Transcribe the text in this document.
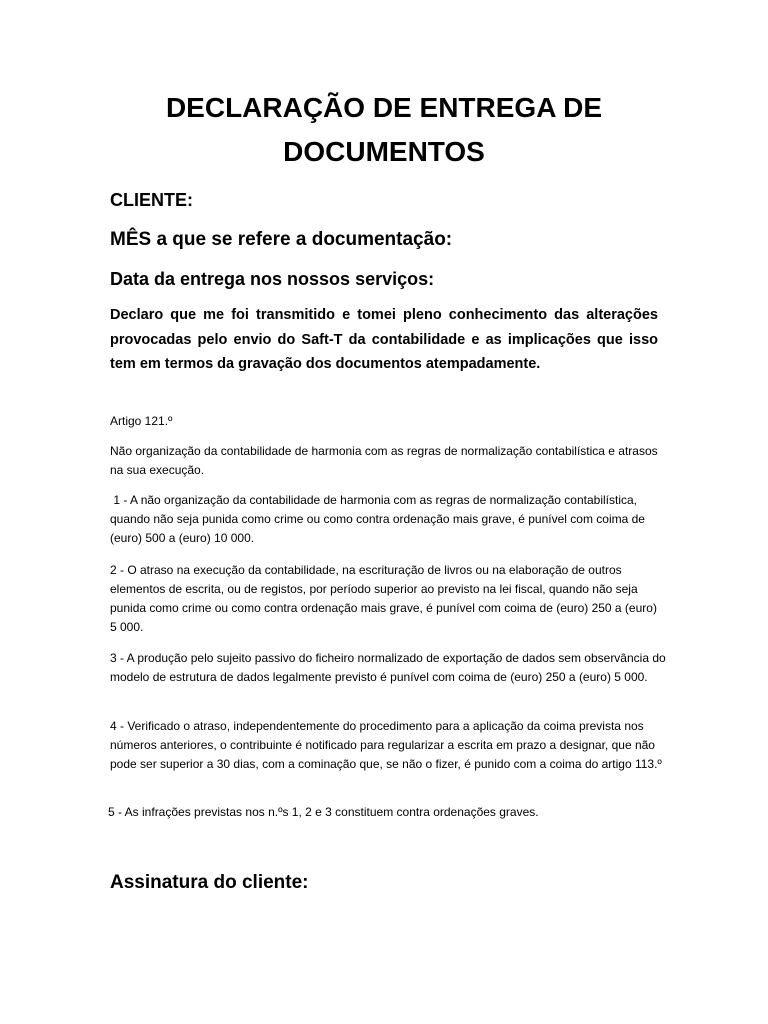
DECLARAÇÃO DE ENTREGA DE
DOCUMENTOS

CLIENTE:

MÊS a que se refere a documentação:

Data da entrega nos nossos serviços:

Declaro que me foi transmitido e tomei pleno conhecimento das alterações provocadas pelo envio do Saft-T da contabilidade e as implicações que isso tem em termos da gravação dos documentos atempadamente.

Artigo 121.º

Não organização da contabilidade de harmonia com as regras de normalização contabilística e atrasos na sua execução.

1 - A não organização da contabilidade de harmonia com as regras de normalização contabilística, quando não seja punida como crime ou como contra ordenação mais grave, é punível com coima de (euro) 500 a (euro) 10 000.

2 - O atraso na execução da contabilidade, na escrituração de livros ou na elaboração de outros elementos de escrita, ou de registos, por período superior ao previsto na lei fiscal, quando não seja punida como crime ou como contra ordenação mais grave, é punível com coima de (euro) 250 a (euro) 5 000.

3 - A produção pelo sujeito passivo do ficheiro normalizado de exportação de dados sem observância do modelo de estrutura de dados legalmente previsto é punível com coima de (euro) 250 a (euro) 5 000.

4 - Verificado o atraso, independentemente do procedimento para a aplicação da coima prevista nos números anteriores, o contribuinte é notificado para regularizar a escrita em prazo a designar, que não pode ser superior a 30 dias, com a cominação que, se não o fizer, é punido com a coima do artigo 113.º

5 - As infrações previstas nos n.ºs 1, 2 e 3 constituem contra ordenações graves.

Assinatura do cliente:
